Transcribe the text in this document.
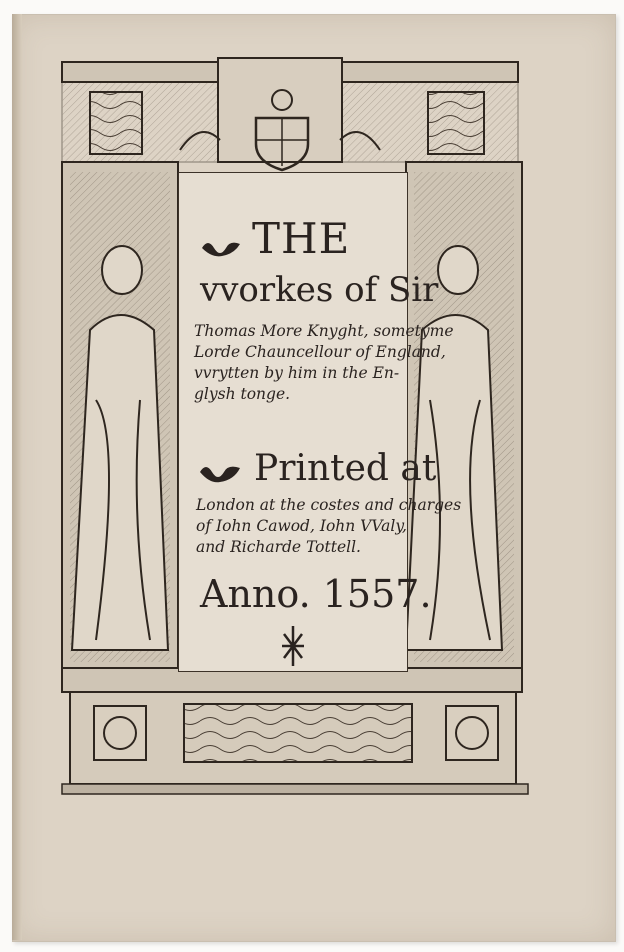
THE
vvorkes of Sir
Thomas More Knyght, sometyme
Lorde Chauncellour of England,
vvrytten by him in the En-
glysh tonge.
Printed at
London at the costes and charges
of Iohn Cawod, Iohn VValy,
and Richarde Tottell.
Anno. 1557.
